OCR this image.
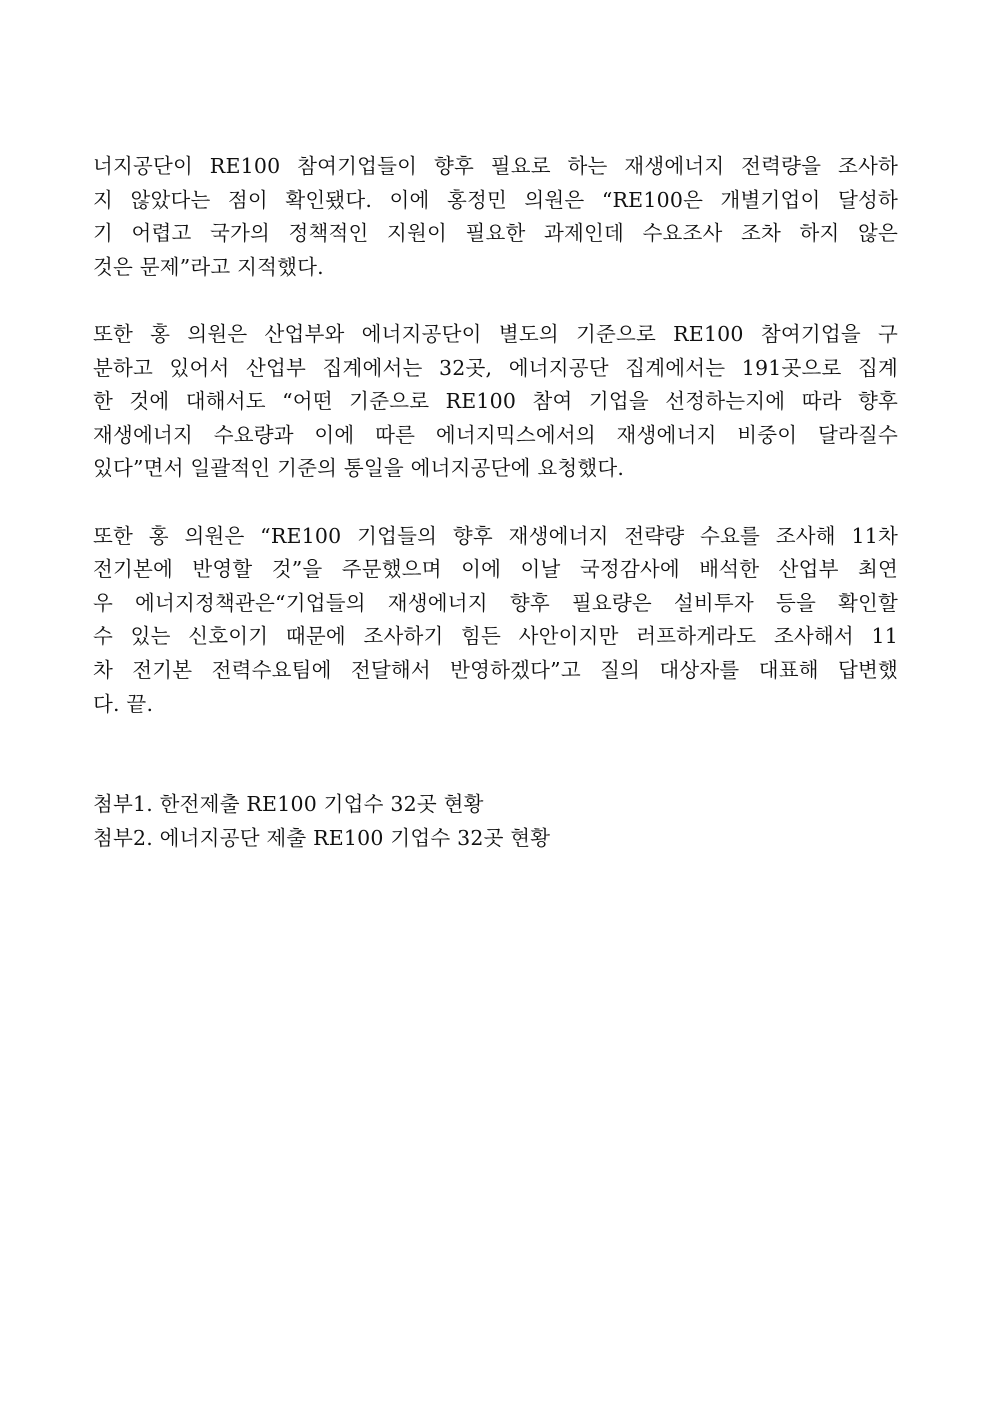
너지공단이 RE100 참여기업들이 향후 필요로 하는 재생에너지 전력량을 조사하
지 않았다는 점이 확인됐다. 이에 홍정민 의원은 “RE100은 개별기업이 달성하
기 어렵고 국가의 정책적인 지원이 필요한 과제인데 수요조사 조차 하지 않은
것은 문제”라고 지적했다.
또한 홍 의원은 산업부와 에너지공단이 별도의 기준으로 RE100 참여기업을 구
분하고 있어서 산업부 집계에서는 32곳, 에너지공단 집계에서는 191곳으로 집계
한 것에 대해서도 “어떤 기준으로 RE100 참여 기업을 선정하는지에 따라 향후
재생에너지 수요량과 이에 따른 에너지믹스에서의 재생에너지 비중이 달라질수
있다”면서 일괄적인 기준의 통일을 에너지공단에 요청했다.
또한 홍 의원은 “RE100 기업들의 향후 재생에너지 전략량 수요를 조사해 11차
전기본에 반영할 것”을 주문했으며 이에 이날 국정감사에 배석한 산업부 최연
우 에너지정책관은“기업들의 재생에너지 향후 필요량은 설비투자 등을 확인할
수 있는 신호이기 때문에 조사하기 힘든 사안이지만 러프하게라도 조사해서 11
차 전기본 전력수요팀에 전달해서 반영하겠다”고 질의 대상자를 대표해 답변했
다. 끝.
첨부1. 한전제출 RE100 기업수 32곳 현황
첨부2. 에너지공단 제출 RE100 기업수 32곳 현황
